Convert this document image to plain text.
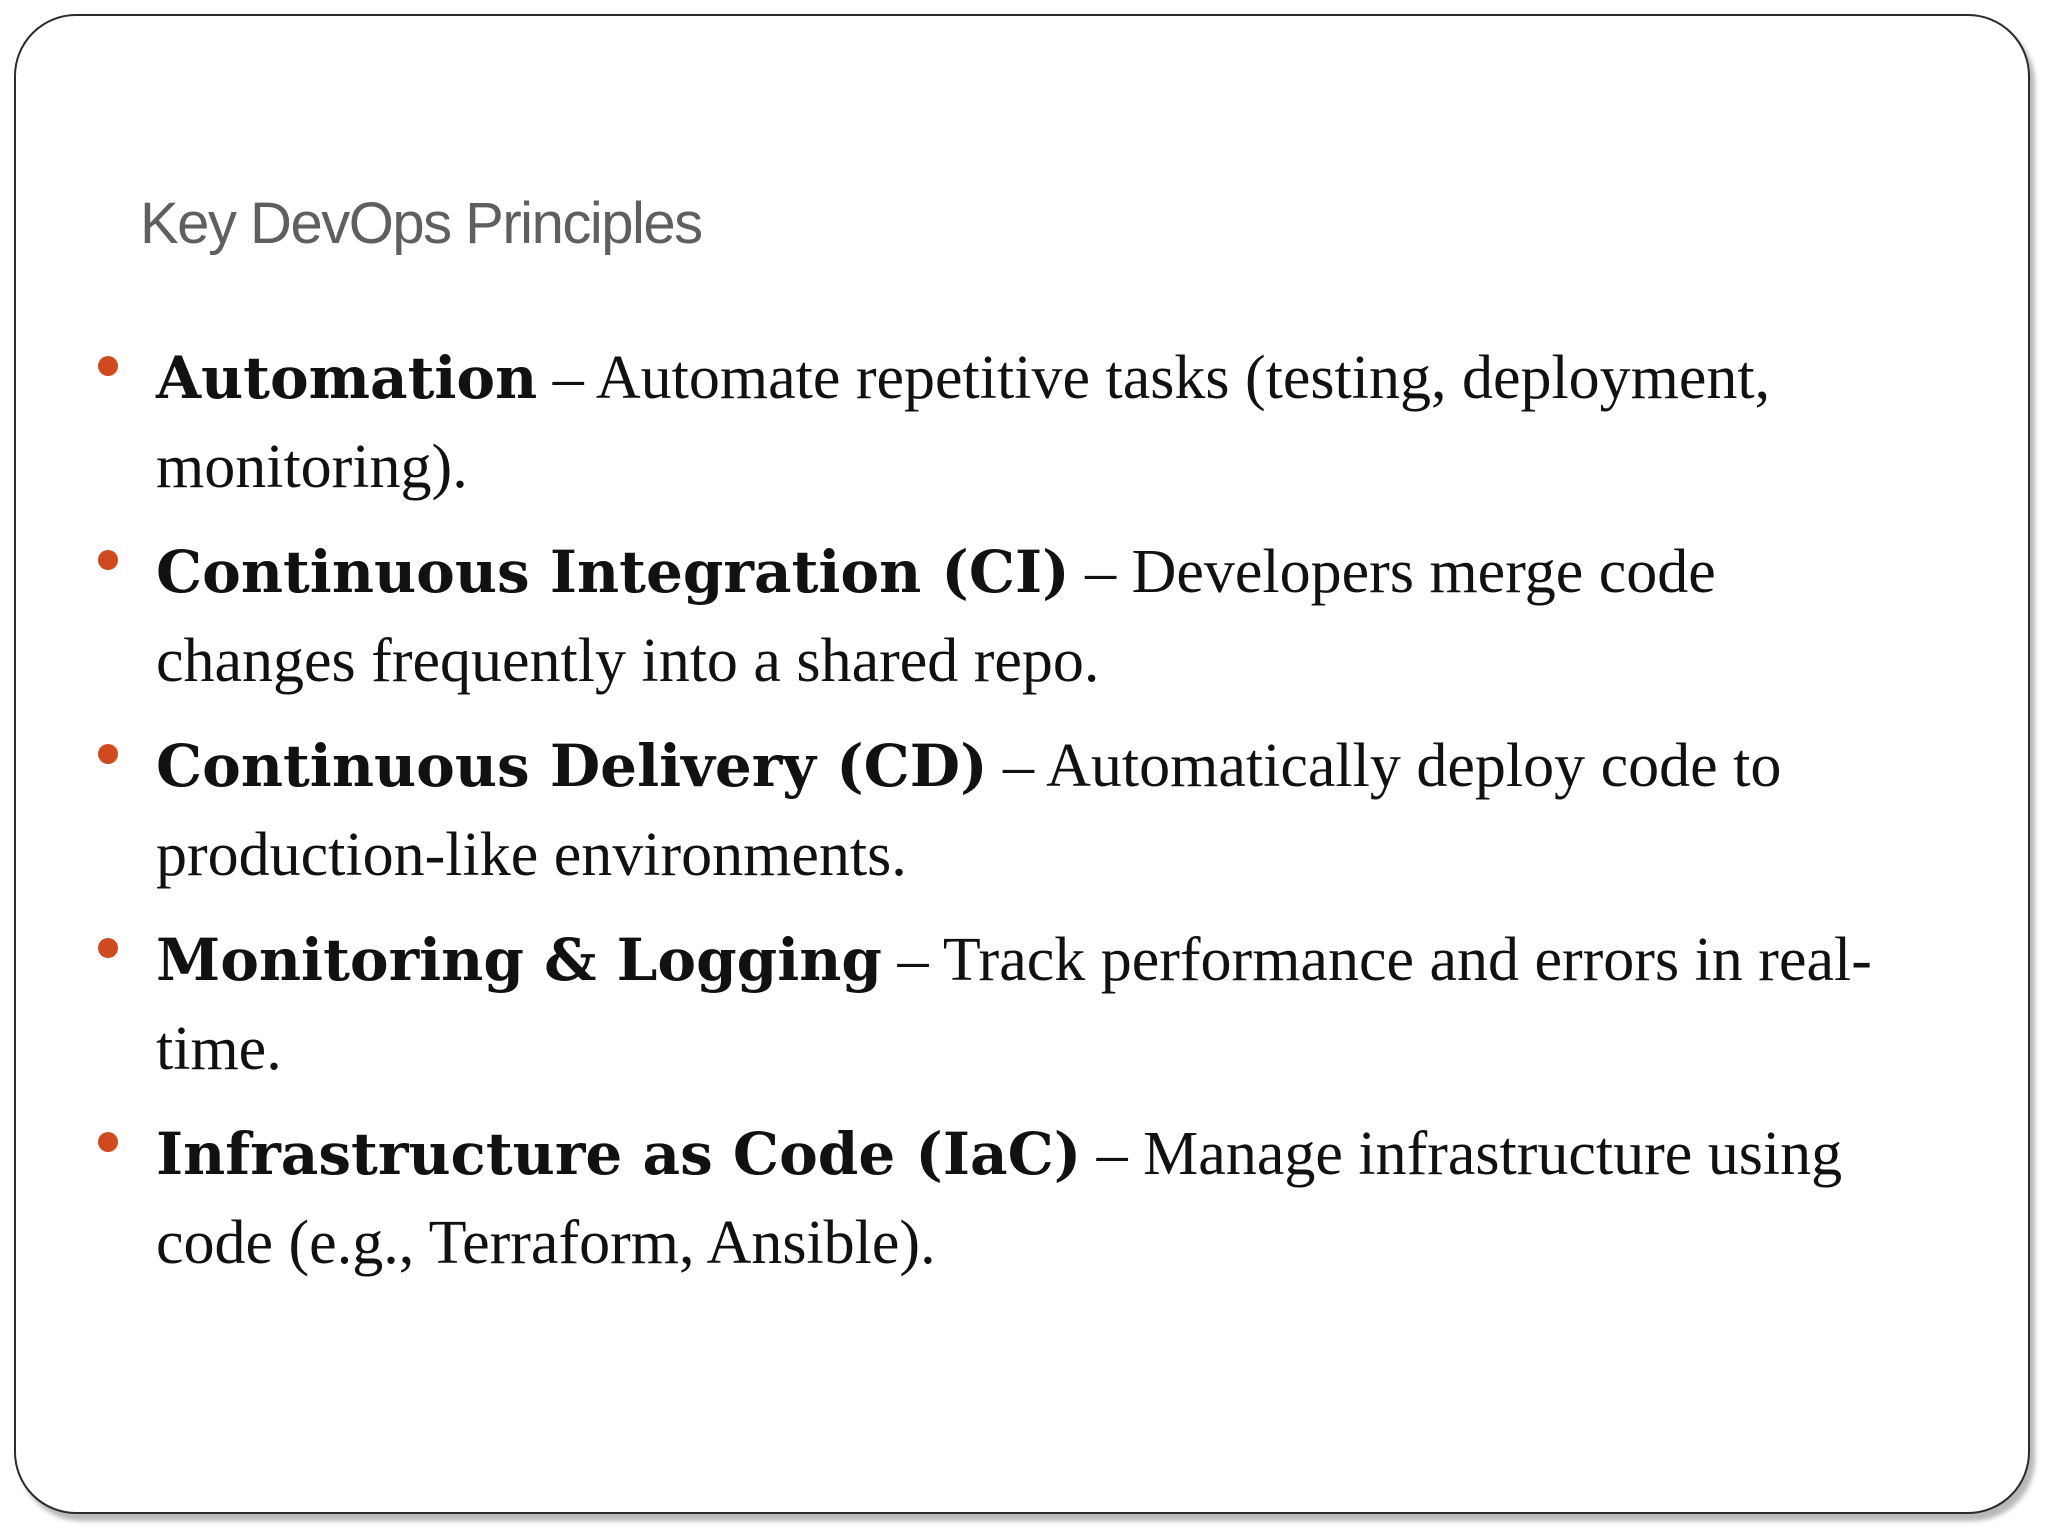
Key DevOps Principles
Automation – Automate repetitive tasks (testing, deployment, monitoring).
Continuous Integration (CI) – Developers merge code changes frequently into a shared repo.
Continuous Delivery (CD) – Automatically deploy code to production-like environments.
Monitoring & Logging – Track performance and errors in real-time.
Infrastructure as Code (IaC) – Manage infrastructure using code (e.g., Terraform, Ansible).
